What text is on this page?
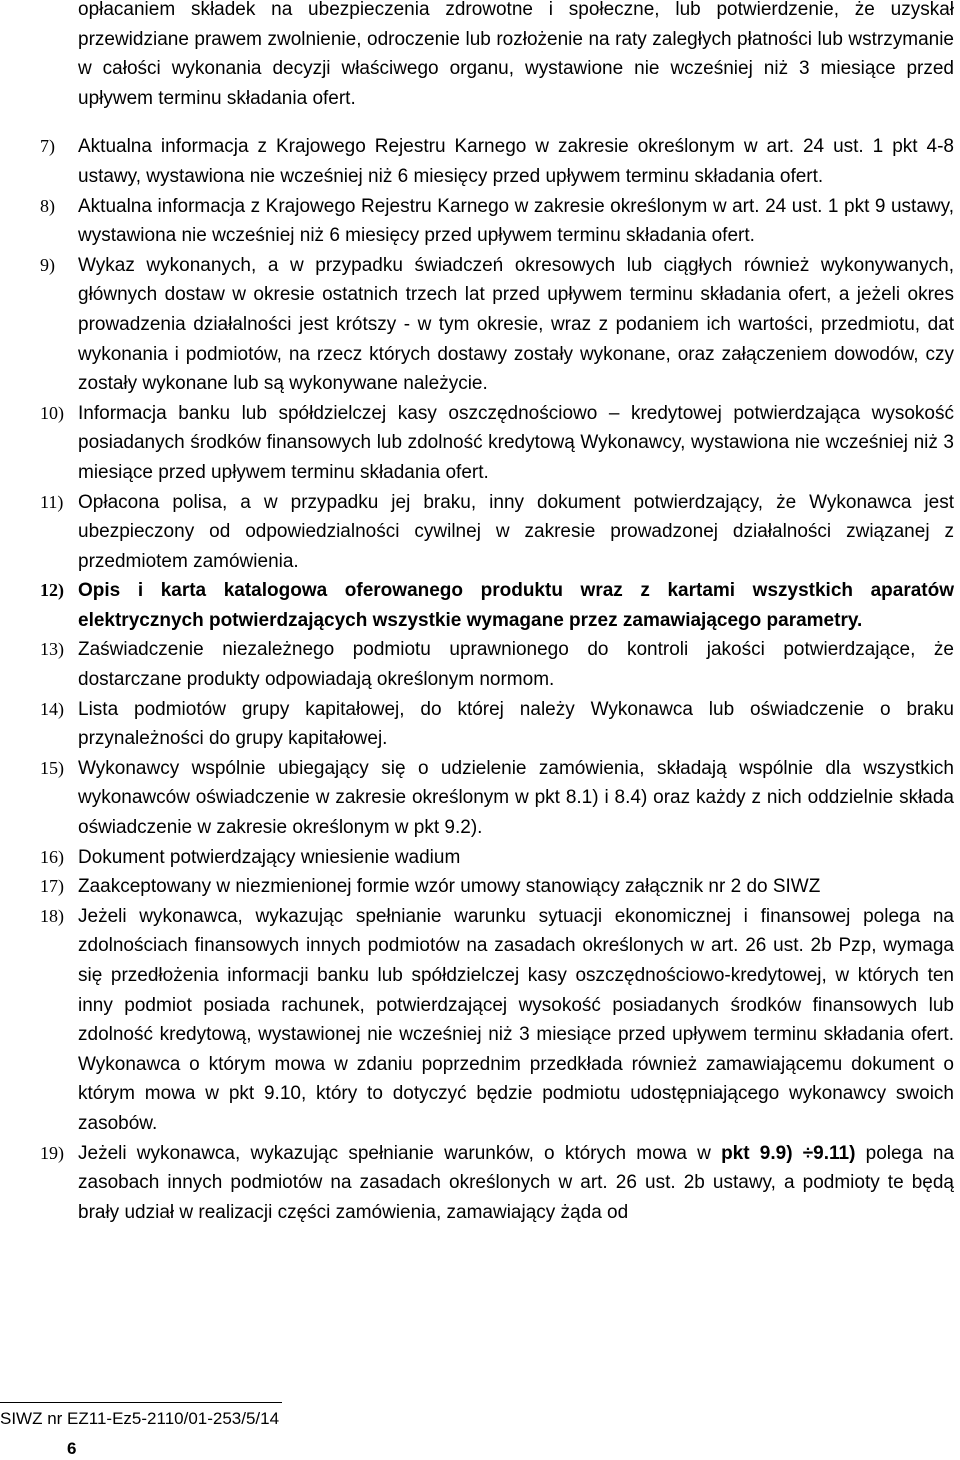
opłacaniem składek na ubezpieczenia zdrowotne i społeczne, lub potwierdzenie, że uzyskał przewidziane prawem zwolnienie, odroczenie lub rozłożenie na raty zaległych płatności lub wstrzymanie w całości wykonania decyzji właściwego organu, wystawione nie wcześniej niż 3 miesiące przed upływem terminu składania ofert.

7) Aktualna informacja z Krajowego Rejestru Karnego w zakresie określonym w art. 24 ust. 1 pkt 4-8 ustawy, wystawiona nie wcześniej niż 6 miesięcy przed upływem terminu składania ofert.
8) Aktualna informacja z Krajowego Rejestru Karnego w zakresie określonym w art. 24 ust. 1 pkt 9 ustawy, wystawiona nie wcześniej niż 6 miesięcy przed upływem terminu składania ofert.
9) Wykaz wykonanych, a w przypadku świadczeń okresowych lub ciągłych również wykonywanych, głównych dostaw w okresie ostatnich trzech lat przed upływem terminu składania ofert, a jeżeli okres prowadzenia działalności jest krótszy - w tym okresie, wraz z podaniem ich wartości, przedmiotu, dat wykonania i podmiotów, na rzecz których dostawy zostały wykonane, oraz załączeniem dowodów, czy zostały wykonane lub są wykonywane należycie.
10) Informacja banku lub spółdzielczej kasy oszczędnościowo – kredytowej potwierdzająca wysokość posiadanych środków finansowych lub zdolność kredytową Wykonawcy, wystawiona nie wcześniej niż 3 miesiące przed upływem terminu składania ofert.
11) Opłacona polisa, a w przypadku jej braku, inny dokument potwierdzający, że Wykonawca jest ubezpieczony od odpowiedzialności cywilnej w zakresie prowadzonej działalności związanej z przedmiotem zamówienia.
12) Opis i karta katalogowa oferowanego produktu wraz z kartami wszystkich aparatów elektrycznych potwierdzających wszystkie wymagane przez zamawiającego parametry.
13) Zaświadczenie niezależnego podmiotu uprawnionego do kontroli jakości potwierdzające, że dostarczane produkty odpowiadają określonym normom.
14) Lista podmiotów grupy kapitałowej, do której należy Wykonawca lub oświadczenie o braku przynależności do grupy kapitałowej.
15) Wykonawcy wspólnie ubiegający się o udzielenie zamówienia, składają wspólnie dla wszystkich wykonawców oświadczenie w zakresie określonym w pkt 8.1) i 8.4) oraz każdy z nich oddzielnie składa oświadczenie w zakresie określonym w pkt 9.2).
16) Dokument potwierdzający wniesienie wadium
17) Zaakceptowany w niezmienionej formie wzór umowy stanowiący załącznik nr 2 do SIWZ
18) Jeżeli wykonawca, wykazując spełnianie warunku sytuacji ekonomicznej i finansowej polega na zdolnościach finansowych innych podmiotów na zasadach określonych w art. 26 ust. 2b Pzp, wymaga się przedłożenia informacji banku lub spółdzielczej kasy oszczędnościowo-kredytowej, w których ten inny podmiot posiada rachunek, potwierdzającej wysokość posiadanych środków finansowych lub zdolność kredytową, wystawionej nie wcześniej niż 3 miesiące przed upływem terminu składania ofert. Wykonawca o którym mowa w zdaniu poprzednim przedkłada również zamawiającemu dokument o którym mowa w pkt 9.10, który to dotyczyć będzie podmiotu udostępniającego wykonawcy swoich zasobów.
19) Jeżeli wykonawca, wykazując spełnianie warunków, o których mowa w pkt 9.9) ÷9.11) polega na zasobach innych podmiotów na zasadach określonych w art. 26 ust. 2b ustawy, a podmioty te będą brały udział w realizacji części zamówienia, zamawiający żąda od
SIWZ nr EZ11-Ez5-2110/01-253/5/14
6
